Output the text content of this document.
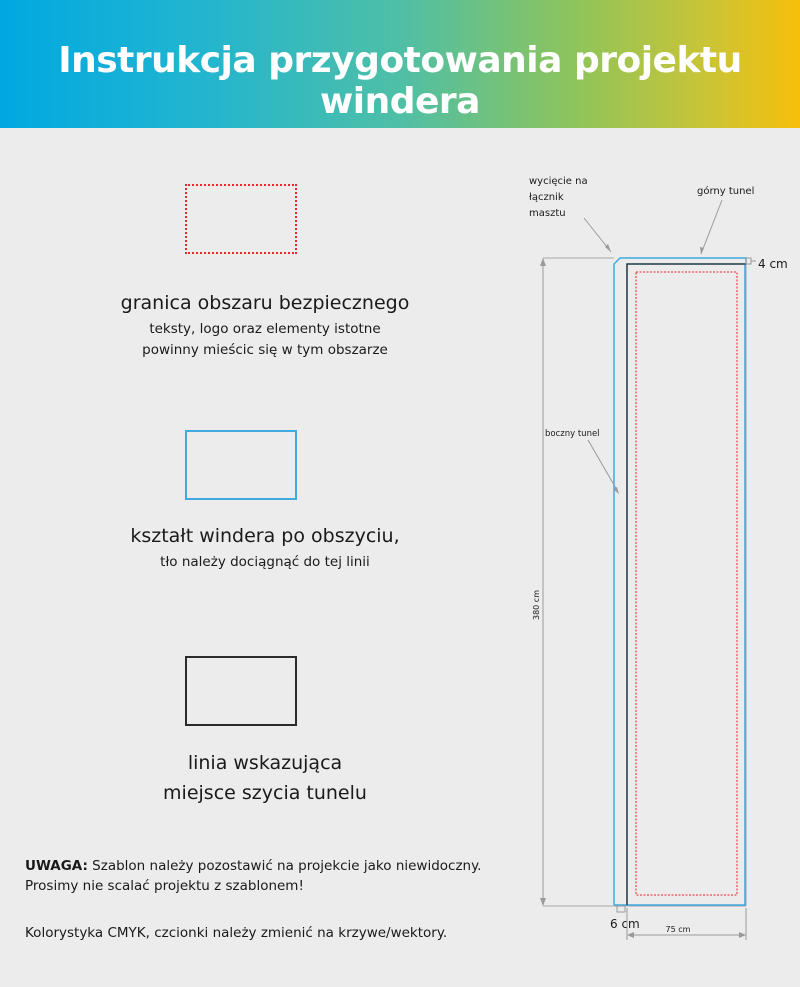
Instrukcja przygotowania projektu windera
granica obszaru bezpiecznego
teksty, logo oraz elementy istotne
powinny mieścic się w tym obszarze
kształt windera po obszyciu,
tło należy dociągnąć do tej linii
linia wskazująca
miejsce szycia tunelu
UWAGA: Szablon należy pozostawić na projekcie jako niewidoczny.
Prosimy nie scalać projektu z szablonem!
Kolorystyka CMYK, czcionki należy zmienić na krzywe/wektory.
4 cm
380 cm
6 cm	75 cm
wycięcie na
łącznik
masztu
górny tunel
boczny tunel
